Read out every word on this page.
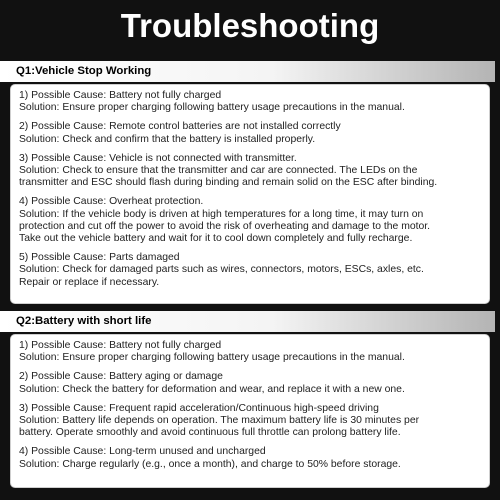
Troubleshooting
Q1:Vehicle Stop Working

1) Possible Cause: Battery not fully charged

Solution: Ensure proper charging following battery usage precautions in the manual.

2) Possible Cause: Remote control batteries are not installed correctly

Solution: Check and confirm that the battery is installed properly.

3) Possible Cause: Vehicle is not connected with transmitter.

Solution: Check to ensure that the transmitter and car are connected. The LEDs on the
transmitter and ESC should flash during binding and remain solid on the ESC after binding.

4) Possible Cause: Overheat protection.

Solution: If the vehicle body is driven at high temperatures for a long time, it may turn on
protection and cut off the power to avoid the risk of overheating and damage to the motor.
Take out the vehicle battery and wait for it to cool down completely and fully recharge.

5) Possible Cause: Parts damaged

Solution: Check for damaged parts such as wires, connectors, motors, ESCs, axles, etc.
Repair or replace if necessary.

Q2:Battery with short life

1) Possible Cause: Battery not fully charged

Solution: Ensure proper charging following battery usage precautions in the manual.

2) Possible Cause: Battery aging or damage

Solution: Check the battery for deformation and wear, and replace it with a new one.

3) Possible Cause: Frequent rapid acceleration/Continuous high-speed driving

Solution: Battery life depends on operation. The maximum battery life is 30 minutes per
battery. Operate smoothly and avoid continuous full throttle can prolong battery life.

4) Possible Cause: Long-term unused and uncharged

Solution: Charge regularly (e.g., once a month), and charge to 50% before storage.
